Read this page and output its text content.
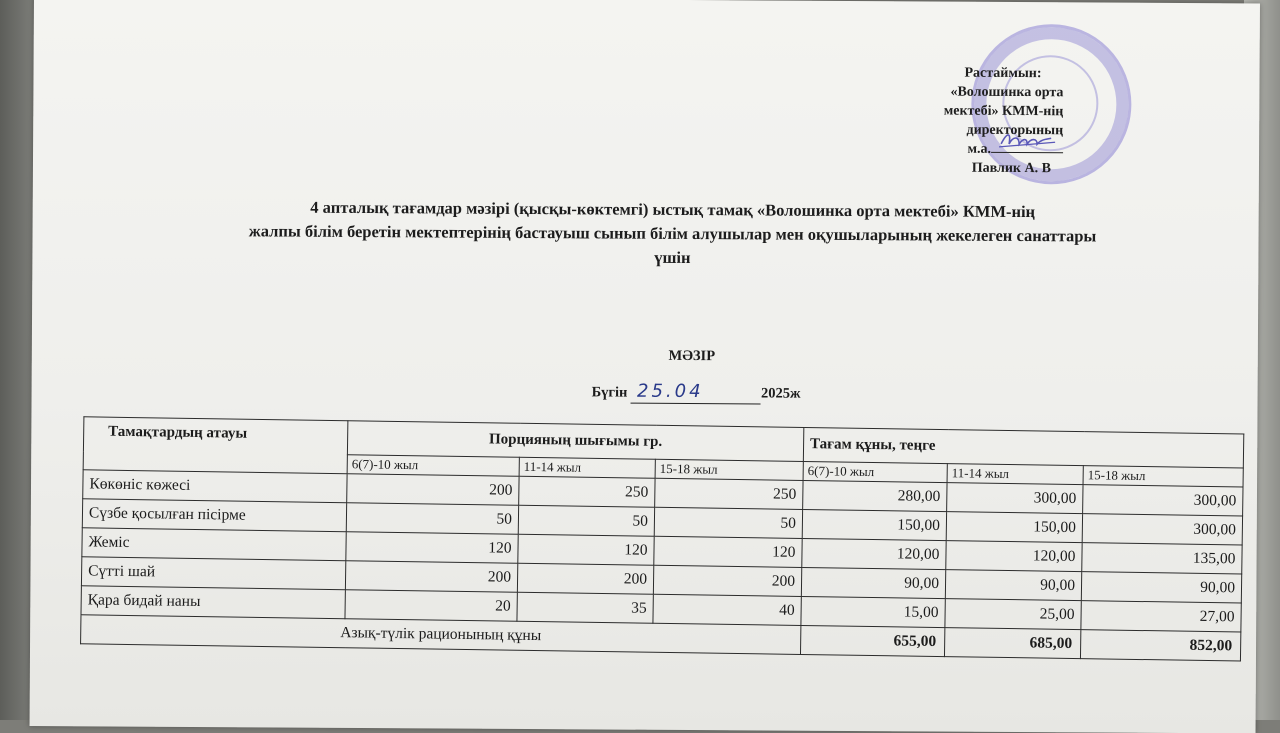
Растаймын:
«Волошинка орта
мектебі» КММ-нің
директорының
м.а.
Павлик А. В
4 апталық тағамдар мәзірі (қысқы-көктемгі) ыстық тамақ «Волошинка орта мектебі» КММ-нің
жалпы білім беретін мектептерінің бастауыш сынып білім алушылар мен оқушыларының жекелеген санаттары
үшін
МӘЗІР
Бүгін 25.04	2025ж
Тамақтардың атауы	Порцияның шығымы гр.			Тағам құны, теңге		
	6(7)-10 жыл	11-14 жыл	15-18 жыл	6(7)-10 жыл	11-14 жыл	15-18 жыл
Көкөніс көжесі	200	250	250	280,00	300,00	300,00
Сүзбе қосылған пісірме	50	50	50	150,00	150,00	300,00
Жеміс	120	120	120	120,00	120,00	135,00
Сүтті шай	200	200	200	90,00	90,00	90,00
Қара бидай наны	20	35	40	15,00	25,00	27,00
Азық-түлік рационының құны				655,00	685,00	852,00
